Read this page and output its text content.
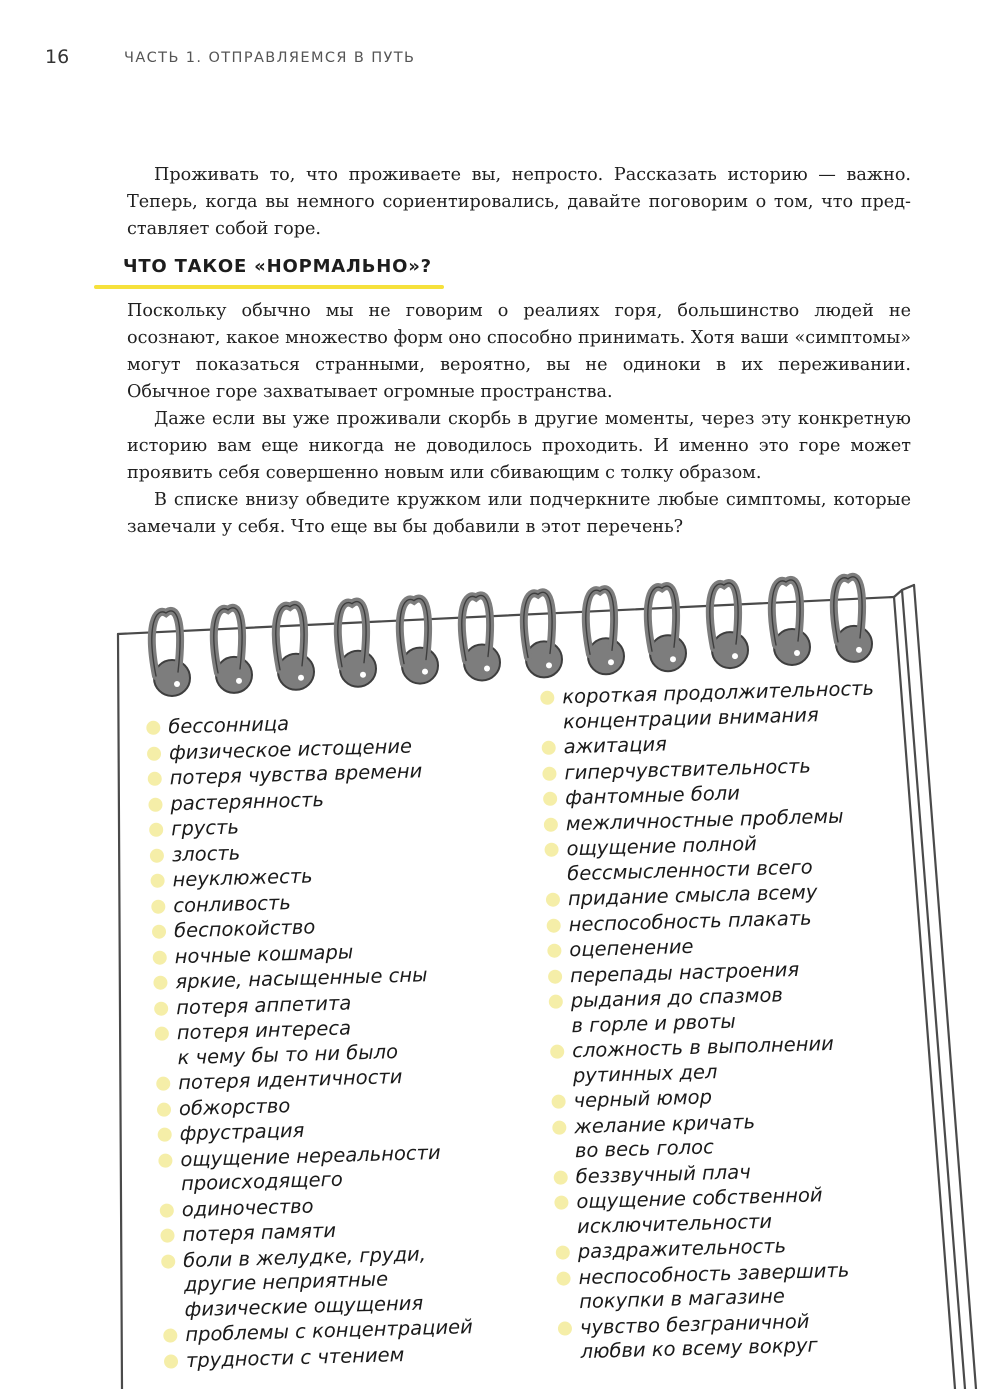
16	ЧАСТЬ 1. ОТПРАВЛЯЕМСЯ В ПУТЬ

Проживать то, что проживаете вы, непросто. Рассказать историю — важно. Теперь, когда вы немного сориентировались, давайте поговорим о том, что представляет собой горе.

ЧТО ТАКОЕ «НОРМАЛЬНО»?

Поскольку обычно мы не говорим о реалиях горя, большинство людей не осознают, какое множество форм оно способно принимать. Хотя ваши «симптомы» могут показаться странными, вероятно, вы не одиноки в их переживании. Обычное горе захватывает огромные пространства.

Даже если вы уже проживали скорбь в другие моменты, через эту конкретную историю вам еще никогда не доводилось проходить. И именно это горе может проявить себя совершенно новым или сбивающим с толку образом.

В списке внизу обведите кружком или подчеркните любые симптомы, которые замечали у себя. Что еще вы бы добавили в этот перечень?

бессонница
физическое истощение
потеря чувства времени
растерянность
грусть
злость
неуклюжесть
сонливость
беспокойство
ночные кошмары
яркие, насыщенные сны
потеря аппетита
потеря интереса
к чему бы то ни было
потеря идентичности
обжорство
фрустрация
ощущение нереальности
происходящего
одиночество
потеря памяти
боли в желудке, груди,
другие неприятные
физические ощущения
проблемы с концентрацией
трудности с чтением
короткая продолжительность
концентрации внимания
ажитация
гиперчувствительность
фантомные боли
межличностные проблемы
ощущение полной
бессмысленности всего
придание смысла всему
неспособность плакать
оцепенение
перепады настроения
рыдания до спазмов
в горле и рвоты
сложность в выполнении
рутинных дел
черный юмор
желание кричать
во весь голос
беззвучный плач
ощущение собственной
исключительности
раздражительность
неспособность завершить
покупки в магазине
чувство безграничной
любви ко всему вокруг
